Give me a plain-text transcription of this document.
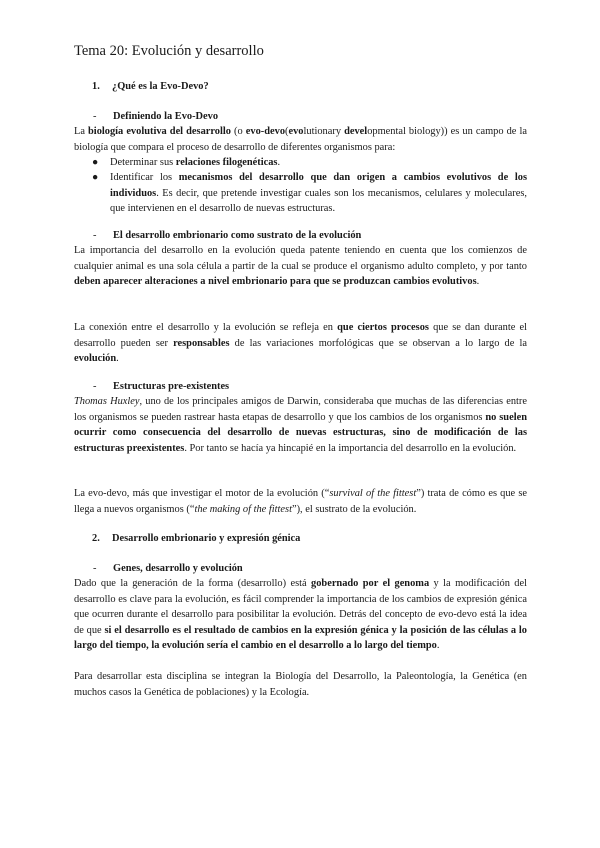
Tema 20: Evolución y desarrollo
1. ¿Qué es la Evo-Devo?
- Definiendo la Evo-Devo
La biología evolutiva del desarrollo (o evo-devo(evolutionary developmental biology)) es un campo de la biología que compara el proceso de desarrollo de diferentes organismos para:
● Determinar sus relaciones filogenéticas.
● Identificar los mecanismos del desarrollo que dan origen a cambios evolutivos de los individuos. Es decir, que pretende investigar cuales son los mecanismos, celulares y moleculares, que intervienen en el desarrollo de nuevas estructuras.
- El desarrollo embrionario como sustrato de la evolución
La importancia del desarrollo en la evolución queda patente teniendo en cuenta que los comienzos de cualquier animal es una sola célula a partir de la cual se produce el organismo adulto completo, y por tanto deben aparecer alteraciones a nivel embrionario para que se produzcan cambios evolutivos.
La conexión entre el desarrollo y la evolución se refleja en que ciertos procesos que se dan durante el desarrollo pueden ser responsables de las variaciones morfológicas que se observan a lo largo de la evolución.
- Estructuras pre-existentes
Thomas Huxley, uno de los principales amigos de Darwin, consideraba que muchas de las diferencias entre los organismos se pueden rastrear hasta etapas de desarrollo y que los cambios de los organismos no suelen ocurrir como consecuencia del desarrollo de nuevas estructuras, sino de modificación de las estructuras preexistentes. Por tanto se hacía ya hincapié en la importancia del desarrollo en la evolución.
La evo-devo, más que investigar el motor de la evolución (“survival of the fittest”) trata de cómo es que se llega a nuevos organismos (“the making of the fittest”), el sustrato de la evolución.
2. Desarrollo embrionario y expresión génica
- Genes, desarrollo y evolución
Dado que la generación de la forma (desarrollo) está gobernado por el genoma y la modificación del desarrollo es clave para la evolución, es fácil comprender la importancia de los cambios de expresión génica que ocurren durante el desarrollo para posibilitar la evolución. Detrás del concepto de evo-devo está la idea de que si el desarrollo es el resultado de cambios en la expresión génica y la posición de las células a lo largo del tiempo, la evolución sería el cambio en el desarrollo a lo largo del tiempo.
Para desarrollar esta disciplina se integran la Biología del Desarrollo, la Paleontología, la Genética (en muchos casos la Genética de poblaciones) y la Ecología.
